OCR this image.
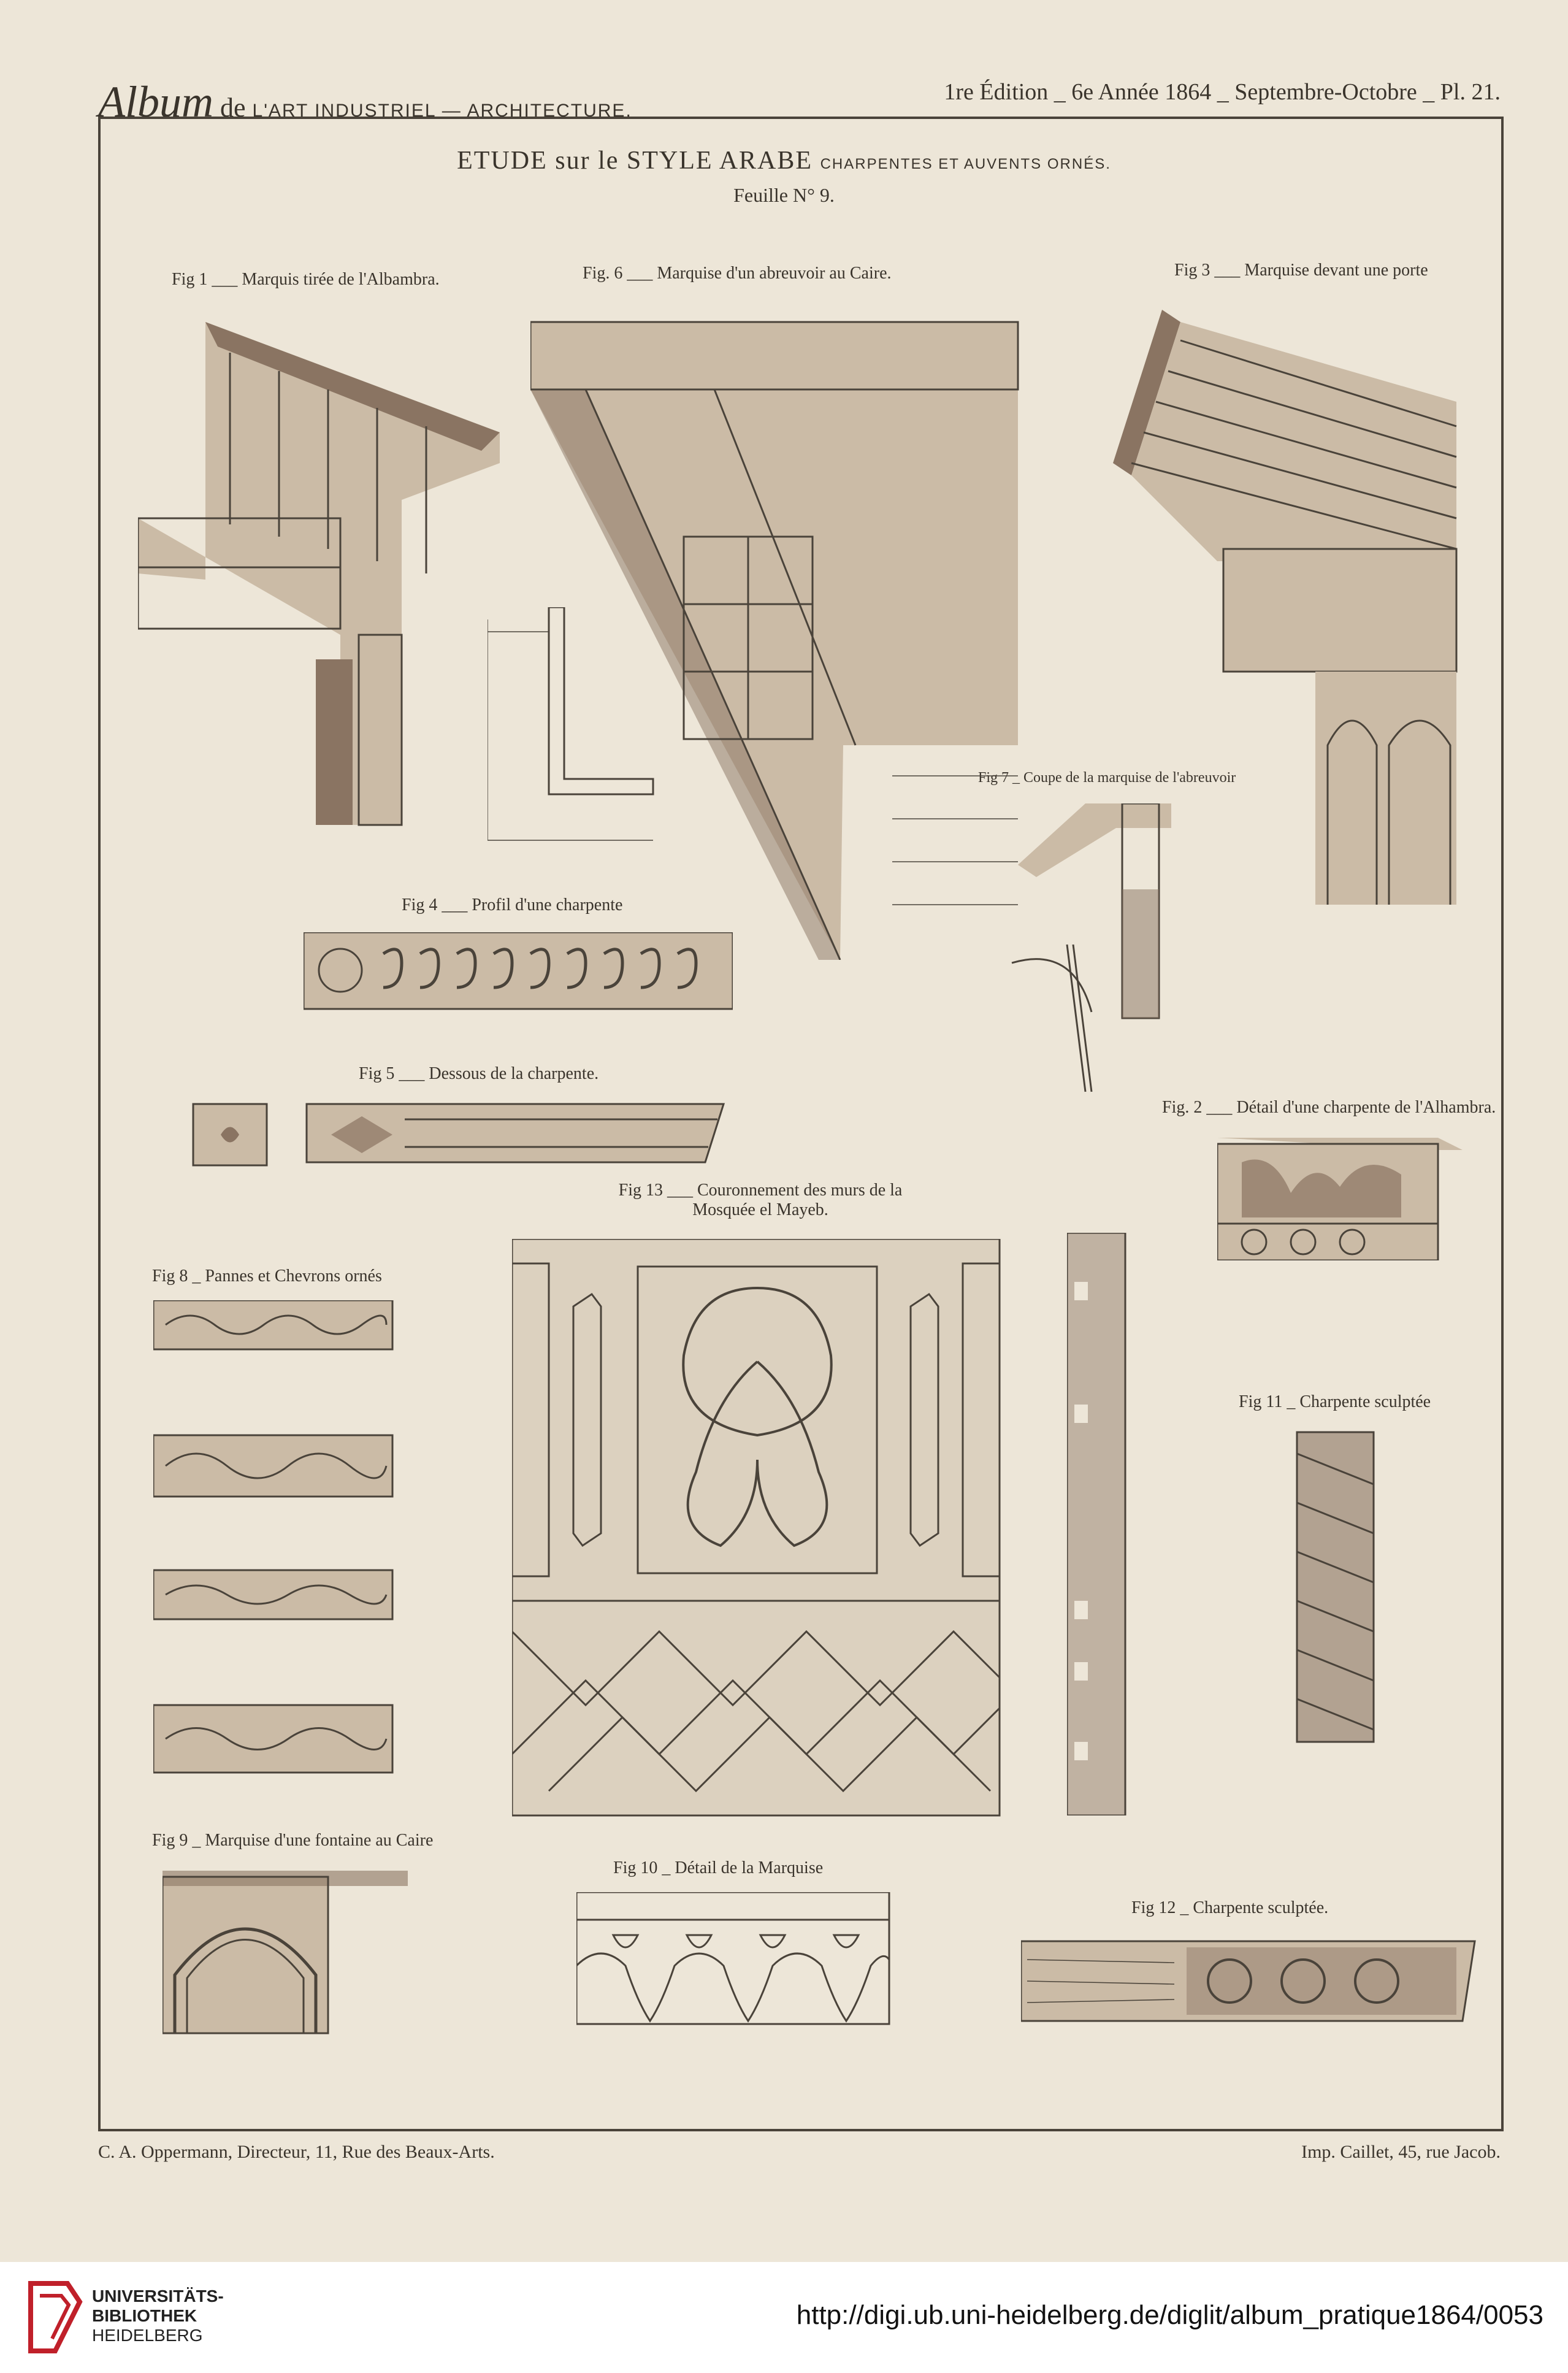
Album de L'ART INDUSTRIEL — ARCHITECTURE.
1re Édition _ 6e Année 1864 _ Septembre-Octobre _ Pl. 21.
ETUDE sur le STYLE ARABE CHARPENTES ET AUVENTS ORNÉS.
Feuille N° 9.
Fig 1 ___ Marquis tirée de l'Albambra.	Fig. 6 ___ Marquise d'un abreuvoir au Caire.	Fig 3 ___ Marquise devant une porte
Fig 7 _ Coupe de la marquise de l'abreuvoir
Fig 4 ___ Profil d'une charpente
Fig 5 ___ Dessous de la charpente.
Fig. 2 ___ Détail d'une charpente de l'Alhambra.
Fig 13 ___ Couronnement des murs de la Mosquée el Mayeb.
Fig 8 _ Pannes et Chevrons ornés
Fig 11 _ Charpente sculptée
Fig 9 _ Marquise d'une fontaine au Caire
Fig 10 _ Détail de la Marquise
Fig 12 _ Charpente sculptée.
C. A. Oppermann, Directeur, 11, Rue des Beaux-Arts.	Imp. Caillet, 45, rue Jacob.
UNIVERSITÄTS-
BIBLIOTHEK
HEIDELBERG
http://digi.ub.uni-heidelberg.de/diglit/album_pratique1864/0053
